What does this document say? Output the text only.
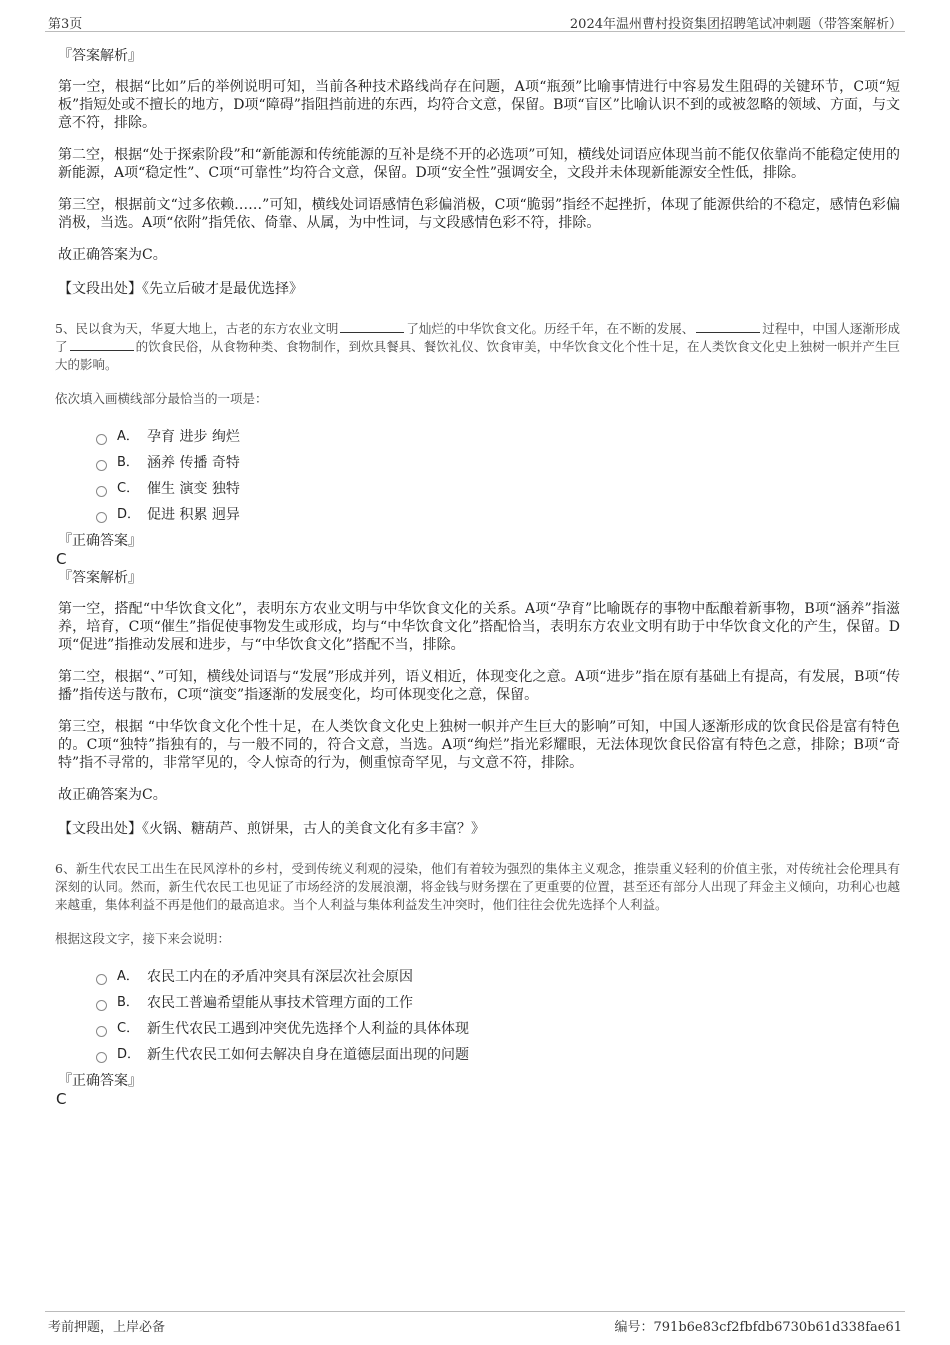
第3页	2024年温州曹村投资集团招聘笔试冲刺题（带答案解析）
『答案解析』

第一空，根据“比如”后的举例说明可知，当前各种技术路线尚存在问题，A项“瓶颈”比喻事情进行中容易发生阻碍的关键环节，C项“短板”指短处或不擅长的地方，D项“障碍”指阻挡前进的东西，均符合文意，保留。B项“盲区”比喻认识不到的或被忽略的领域、方面，与文意不符，排除。

第二空，根据“处于探索阶段”和“新能源和传统能源的互补是绕不开的必选项”可知，横线处词语应体现当前不能仅依靠尚不能稳定使用的新能源，A项“稳定性”、C项“可靠性”均符合文意，保留。D项“安全性”强调安全，文段并未体现新能源安全性低，排除。

第三空，根据前文“过多依赖……”可知，横线处词语感情色彩偏消极，C项“脆弱”指经不起挫折，体现了能源供给的不稳定，感情色彩偏消极，当选。A项“依附”指凭依、倚靠、从属，为中性词，与文段感情色彩不符，排除。

故正确答案为C。

【文段出处】《先立后破才是最优选择》

5、民以食为天，华夏大地上，古老的东方农业文明	了灿烂的中华饮食文化。历经千年，在不断的发展、	过程中，中国人逐渐形成了	的饮食民俗，从食物种类、食物制作，到炊具餐具、餐饮礼仪、饮食审美，中华饮食文化个性十足，在人类饮食文化史上独树一帜并产生巨大的影响。

依次填入画横线部分最恰当的一项是：

A． 孕育 进步 绚烂
B． 涵养 传播 奇特
C． 催生 演变 独特
D． 促进 积累 迥异
『正确答案』
C
『答案解析』

第一空，搭配“中华饮食文化”，表明东方农业文明与中华饮食文化的关系。A项“孕育”比喻既存的事物中酝酿着新事物，B项“涵养”指滋养，培育，C项“催生”指促使事物发生或形成，均与“中华饮食文化”搭配恰当，表明东方农业文明有助于中华饮食文化的产生，保留。D项“促进”指推动发展和进步，与“中华饮食文化”搭配不当，排除。

第二空，根据“、”可知，横线处词语与“发展”形成并列，语义相近，体现变化之意。A项“进步”指在原有基础上有提高，有发展，B项“传播”指传送与散布，C项“演变”指逐渐的发展变化，均可体现变化之意，保留。

第三空，根据 “中华饮食文化个性十足，在人类饮食文化史上独树一帜并产生巨大的影响”可知，中国人逐渐形成的饮食民俗是富有特色的。C项“独特”指独有的，与一般不同的，符合文意，当选。A项“绚烂”指光彩耀眼，无法体现饮食民俗富有特色之意，排除；B项“奇特”指不寻常的，非常罕见的，令人惊奇的行为，侧重惊奇罕见，与文意不符，排除。

故正确答案为C。

【文段出处】《火锅、糖葫芦、煎饼果，古人的美食文化有多丰富？》

6、新生代农民工出生在民风淳朴的乡村，受到传统义利观的浸染，他们有着较为强烈的集体主义观念，推崇重义轻利的价值主张，对传统社会伦理具有深刻的认同。然而，新生代农民工也见证了市场经济的发展浪潮，将金钱与财务摆在了更重要的位置，甚至还有部分人出现了拜金主义倾向，功利心也越来越重，集体利益不再是他们的最高追求。当个人利益与集体利益发生冲突时，他们往往会优先选择个人利益。

根据这段文字，接下来会说明：

A． 农民工内在的矛盾冲突具有深层次社会原因
B． 农民工普遍希望能从事技术管理方面的工作
C． 新生代农民工遇到冲突优先选择个人利益的具体体现
D． 新生代农民工如何去解决自身在道德层面出现的问题
『正确答案』
C
考前押题，上岸必备	编号：791b6e83cf2fbfdb6730b61d338fae61
